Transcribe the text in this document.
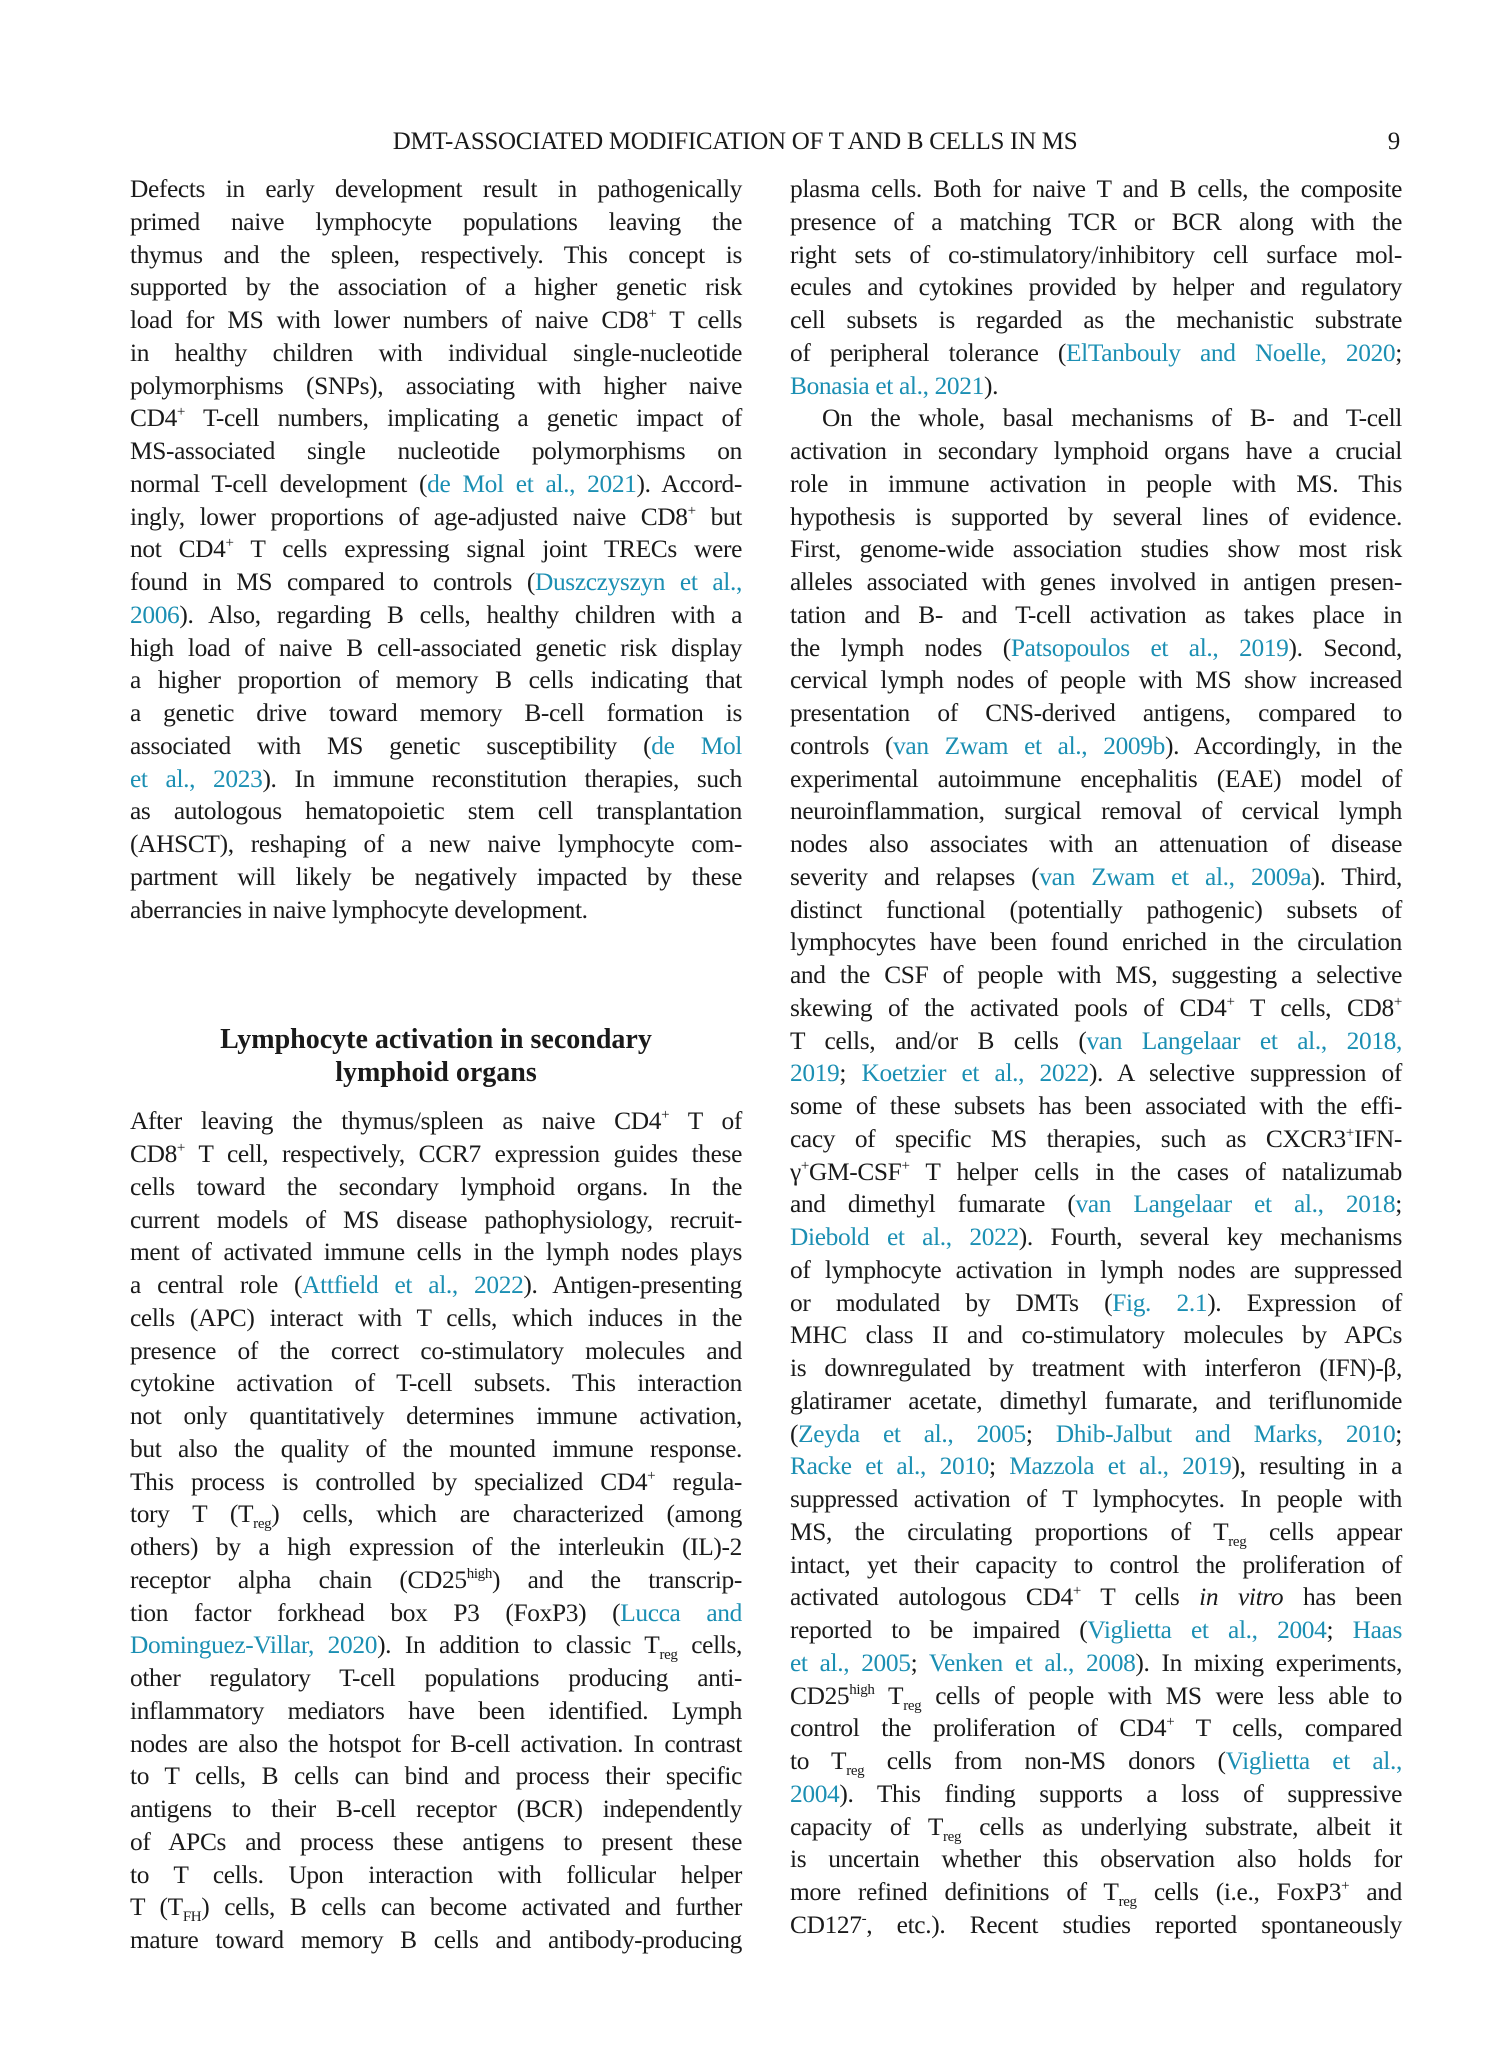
DMT-ASSOCIATED MODIFICATION OF T AND B CELLS IN MS	9
Defects in early development result in pathogenically
primed naive lymphocyte populations leaving the
thymus and the spleen, respectively. This concept is
supported by the association of a higher genetic risk
load for MS with lower numbers of naive CD8+ T cells
in healthy children with individual single-nucleotide
polymorphisms (SNPs), associating with higher naive
CD4+ T-cell numbers, implicating a genetic impact of
MS-associated single nucleotide polymorphisms on
normal T-cell development (de Mol et al., 2021). Accord-
ingly, lower proportions of age-adjusted naive CD8+ but
not CD4+ T cells expressing signal joint TRECs were
found in MS compared to controls (Duszczyszyn et al.,
2006). Also, regarding B cells, healthy children with a
high load of naive B cell-associated genetic risk display
a higher proportion of memory B cells indicating that
a genetic drive toward memory B-cell formation is
associated with MS genetic susceptibility (de Mol
et al., 2023). In immune reconstitution therapies, such
as autologous hematopoietic stem cell transplantation
(AHSCT), reshaping of a new naive lymphocyte com-
partment will likely be negatively impacted by these
aberrancies in naive lymphocyte development.
Lymphocyte activation in secondary
lymphoid organs
After leaving the thymus/spleen as naive CD4+ T of
CD8+ T cell, respectively, CCR7 expression guides these
cells toward the secondary lymphoid organs. In the
current models of MS disease pathophysiology, recruit-
ment of activated immune cells in the lymph nodes plays
a central role (Attfield et al., 2022). Antigen-presenting
cells (APC) interact with T cells, which induces in the
presence of the correct co-stimulatory molecules and
cytokine activation of T-cell subsets. This interaction
not only quantitatively determines immune activation,
but also the quality of the mounted immune response.
This process is controlled by specialized CD4+ regula-
tory T $(T_{reg})$ cells, which are characterized (among
others) by a high expression of the interleukin (IL)-2
receptor alpha chain $(CD25^{high})$ and the transcrip-
tion factor forkhead box P3 (FoxP3) (Lucca and
Dominguez-Villar, 2020). In addition to classic $T_{reg}$ cells,
other regulatory T-cell populations producing anti-
inflammatory mediators have been identified. Lymph
nodes are also the hotspot for B-cell activation. In contrast
to T cells, B cells can bind and process their specific
antigens to their B-cell receptor (BCR) independently
of APCs and process these antigens to present these
to T cells. Upon interaction with follicular helper
T $(T_{FH})$ cells, B cells can become activated and further
mature toward memory B cells and antibody-producing
plasma cells. Both for naive T and B cells, the composite
presence of a matching TCR or BCR along with the
right sets of co-stimulatory/inhibitory cell surface mol-
ecules and cytokines provided by helper and regulatory
cell subsets is regarded as the mechanistic substrate
of peripheral tolerance (ElTanbouly and Noelle, 2020;
Bonasia et al., 2021).
On the whole, basal mechanisms of B- and T-cell
activation in secondary lymphoid organs have a crucial
role in immune activation in people with MS. This
hypothesis is supported by several lines of evidence.
First, genome-wide association studies show most risk
alleles associated with genes involved in antigen presen-
tation and B- and T-cell activation as takes place in
the lymph nodes (Patsopoulos et al., 2019). Second,
cervical lymph nodes of people with MS show increased
presentation of CNS-derived antigens, compared to
controls (van Zwam et al., 2009b). Accordingly, in the
experimental autoimmune encephalitis (EAE) model of
neuroinflammation, surgical removal of cervical lymph
nodes also associates with an attenuation of disease
severity and relapses (van Zwam et al., 2009a). Third,
distinct functional (potentially pathogenic) subsets of
lymphocytes have been found enriched in the circulation
and the CSF of people with MS, suggesting a selective
skewing of the activated pools of CD4+ T cells, CD8+
T cells, and/or B cells (van Langelaar et al., 2018,
2019; Koetzier et al., 2022). A selective suppression of
some of these subsets has been associated with the effi-
cacy of specific MS therapies, such as CXCR3+IFN-
γ+GM-CSF+ T helper cells in the cases of natalizumab
and dimethyl fumarate (van Langelaar et al., 2018;
Diebold et al., 2022). Fourth, several key mechanisms
of lymphocyte activation in lymph nodes are suppressed
or modulated by DMTs (Fig. 2.1). Expression of
MHC class II and co-stimulatory molecules by APCs
is downregulated by treatment with interferon (IFN)-β,
glatiramer acetate, dimethyl fumarate, and teriflunomide
(Zeyda et al., 2005; Dhib-Jalbut and Marks, 2010;
Racke et al., 2010; Mazzola et al., 2019), resulting in a
suppressed activation of T lymphocytes. In people with
MS, the circulating proportions of $T_{reg}$ cells appear
intact, yet their capacity to control the proliferation of
activated autologous CD4+ T cells in vitro has been
reported to be impaired (Viglietta et al., 2004; Haas
et al., 2005; Venken et al., 2008). In mixing experiments,
$CD25^{high}$ $T_{reg}$ cells of people with MS were less able to
control the proliferation of CD4+ T cells, compared
to $T_{reg}$ cells from non-MS donors (Viglietta et al.,
2004). This finding supports a loss of suppressive
capacity of $T_{reg}$ cells as underlying substrate, albeit it
is uncertain whether this observation also holds for
more refined definitions of $T_{reg}$ cells (i.e., FoxP3+ and
CD127-, etc.). Recent studies reported spontaneously
